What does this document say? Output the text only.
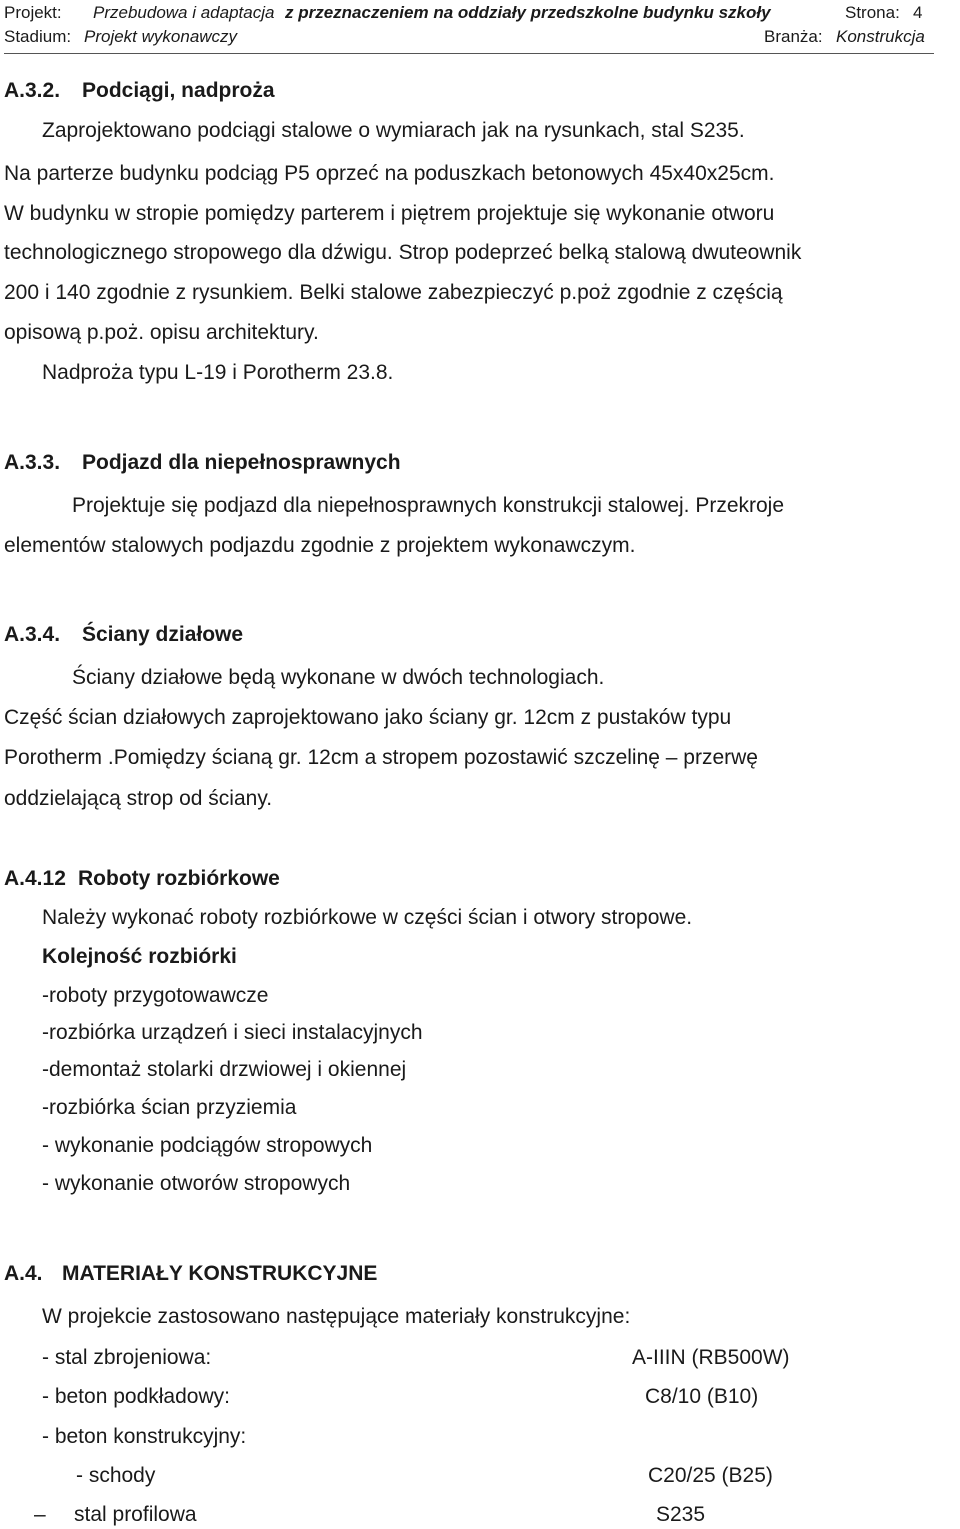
Projekt: Przebudowa i adaptacja z przeznaczeniem na oddziały przedszkolne budynku szkoły	Strona: 4
Stadium: Projekt wykonawczy	Branża: Konstrukcja
A.3.2. Podciągi, nadproża
Zaprojektowano podciągi stalowe o wymiarach jak na rysunkach, stal S235.
Na parterze budynku podciąg P5 oprzeć na poduszkach betonowych 45x40x25cm.
W budynku w stropie pomiędzy parterem i piętrem projektuje się wykonanie otworu
technologicznego stropowego dla dźwigu. Strop podeprzeć belką stalową dwuteownik
200 i 140 zgodnie z rysunkiem. Belki stalowe zabezpieczyć p.poż zgodnie z częścią
opisową p.poż. opisu architektury.
Nadproża typu L-19 i Porotherm 23.8.
A.3.3. Podjazd dla niepełnosprawnych
Projektuje się podjazd dla niepełnosprawnych konstrukcji stalowej. Przekroje
elementów stalowych podjazdu zgodnie z projektem wykonawczym.
A.3.4. Ściany działowe
Ściany działowe będą wykonane w dwóch technologiach.
Część ścian działowych zaprojektowano jako ściany gr. 12cm z pustaków typu
Porotherm .Pomiędzy ścianą gr. 12cm a stropem pozostawić szczelinę – przerwę
oddzielającą strop od ściany.
A.4.12 Roboty rozbiórkowe
Należy wykonać roboty rozbiórkowe w części ścian i otwory stropowe.
Kolejność rozbiórki
-roboty przygotowawcze
-rozbiórka urządzeń i sieci instalacyjnych
-demontaż stolarki drzwiowej i okiennej
-rozbiórka ścian przyziemia
- wykonanie podciągów stropowych
- wykonanie otworów stropowych
A.4. MATERIAŁY KONSTRUKCYJNE
W projekcie zastosowano następujące materiały konstrukcyjne:
- stal zbrojeniowa:	A-IIIN (RB500W)
- beton podkładowy:	C8/10 (B10)
- beton konstrukcyjny:
- schody	C20/25 (B25)
– stal profilowa	S235
